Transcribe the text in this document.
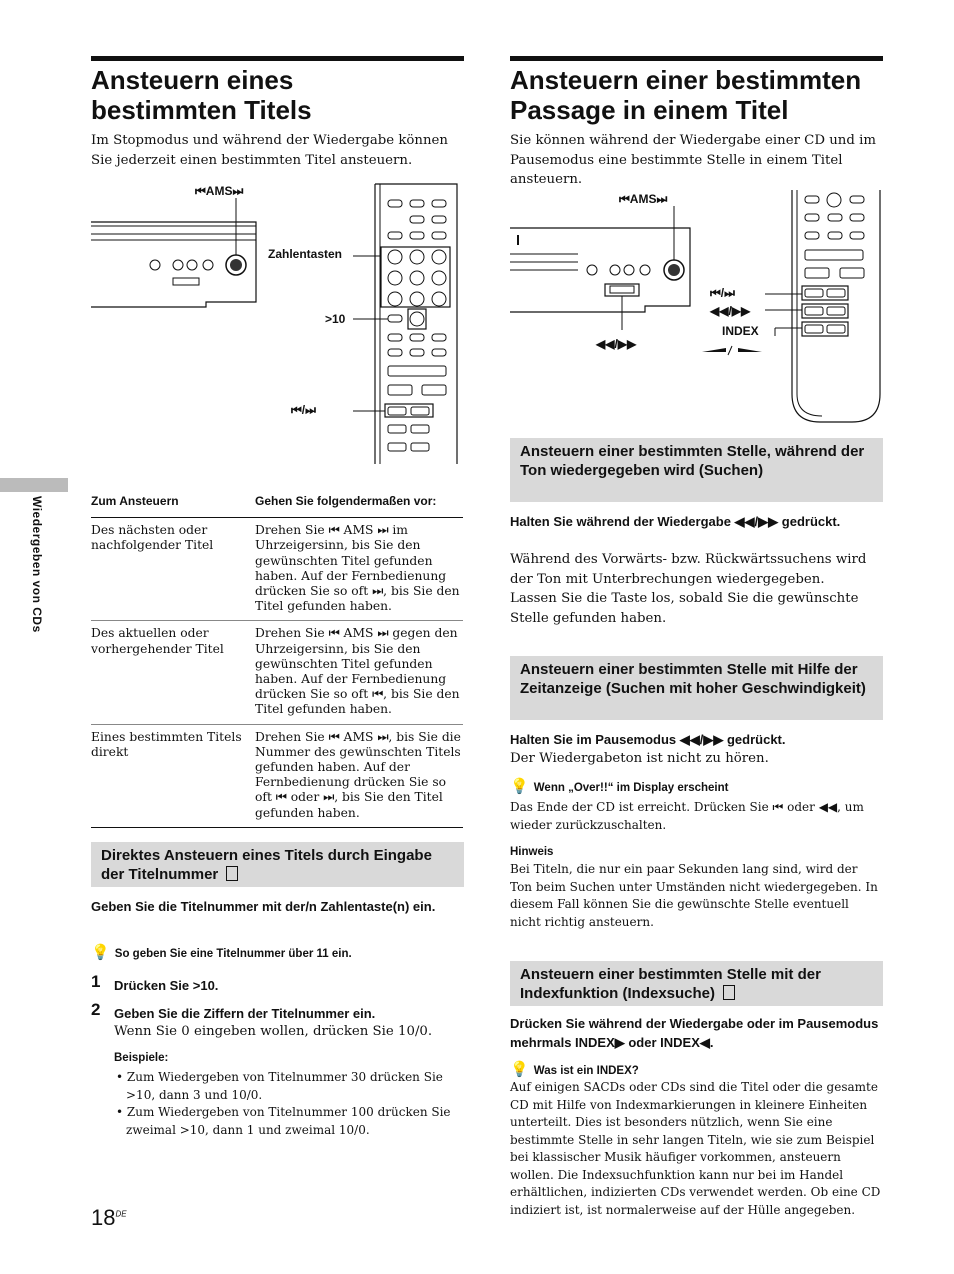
Wiedergeben von CDs
Ansteuern eines
bestimmten Titels
Im Stopmodus und während der Wiedergabe können Sie jederzeit einen bestimmten Titel ansteuern.
⏮AMS⏭
Zahlentasten
>10
⏮/⏭
Zum Ansteuern	Gehen Sie folgendermaßen vor:
Des nächsten oder nachfolgender Titel	Drehen Sie ⏮ AMS ⏭ im Uhrzeigersinn, bis Sie den gewünschten Titel gefunden haben. Auf der Fernbedienung drücken Sie so oft ⏭, bis Sie den Titel gefunden haben.
Des aktuellen oder vorhergehender Titel	Drehen Sie ⏮ AMS ⏭ gegen den Uhrzeigersinn, bis Sie den gewünschten Titel gefunden haben. Auf der Fernbedienung drücken Sie so oft ⏮, bis Sie den Titel gefunden haben.
Eines bestimmten Titels direkt	Drehen Sie ⏮ AMS ⏭, bis Sie die Nummer des gewünschten Titels gefunden haben. Auf der Fernbedienung drücken Sie so oft ⏮ oder ⏭, bis Sie den Titel gefunden haben.
Direktes Ansteuern eines Titels durch Eingabe der Titelnummer
Geben Sie die Titelnummer mit der/n Zahlentaste(n) ein.
💡 So geben Sie eine Titelnummer über 11 ein.
1 Drücken Sie >10.
2 Geben Sie die Ziffern der Titelnummer ein.
Wenn Sie 0 eingeben wollen, drücken Sie 10/0.
Beispiele:
• Zum Wiedergeben von Titelnummer 30 drücken Sie >10, dann 3 und 10/0.
• Zum Wiedergeben von Titelnummer 100 drücken Sie zweimal >10, dann 1 und zweimal 10/0.
18DE
Ansteuern einer bestimmten
Passage in einem Titel
Sie können während der Wiedergabe einer CD und im Pausemodus eine bestimmte Stelle in einem Titel ansteuern.
⏮AMS⏭
⏮/⏭
◀◀/▶▶
INDEX
◀◀/▶▶
Ansteuern einer bestimmten Stelle, während der Ton wiedergegeben wird (Suchen)
Halten Sie während der Wiedergabe ◀◀/▶▶ gedrückt.
Während des Vorwärts- bzw. Rückwärtssuchens wird der Ton mit Unterbrechungen wiedergegeben.
Lassen Sie die Taste los, sobald Sie die gewünschte Stelle gefunden haben.
Ansteuern einer bestimmten Stelle mit Hilfe der Zeitanzeige (Suchen mit hoher Geschwindigkeit)
Halten Sie im Pausemodus ◀◀/▶▶ gedrückt.
Der Wiedergabeton ist nicht zu hören.
💡 Wenn „Over!!“ im Display erscheint
Das Ende der CD ist erreicht. Drücken Sie ⏮ oder ◀◀, um wieder zurückzuschalten.
Hinweis
Bei Titeln, die nur ein paar Sekunden lang sind, wird der Ton beim Suchen unter Umständen nicht wiedergegeben. In diesem Fall können Sie die gewünschte Stelle eventuell nicht richtig ansteuern.
Ansteuern einer bestimmten Stelle mit der Indexfunktion (Indexsuche)
Drücken Sie während der Wiedergabe oder im Pausemodus mehrmals INDEX▶ oder INDEX◀.
💡 Was ist ein INDEX?
Auf einigen SACDs oder CDs sind die Titel oder die gesamte CD mit Hilfe von Indexmarkierungen in kleinere Einheiten unterteilt. Dies ist besonders nützlich, wenn Sie eine bestimmte Stelle in sehr langen Titeln, wie sie zum Beispiel bei klassischer Musik häufiger vorkommen, ansteuern wollen. Die Indexsuchfunktion kann nur bei im Handel erhältlichen, indizierten CDs verwendet werden. Ob eine CD indiziert ist, ist normalerweise auf der Hülle angegeben.
